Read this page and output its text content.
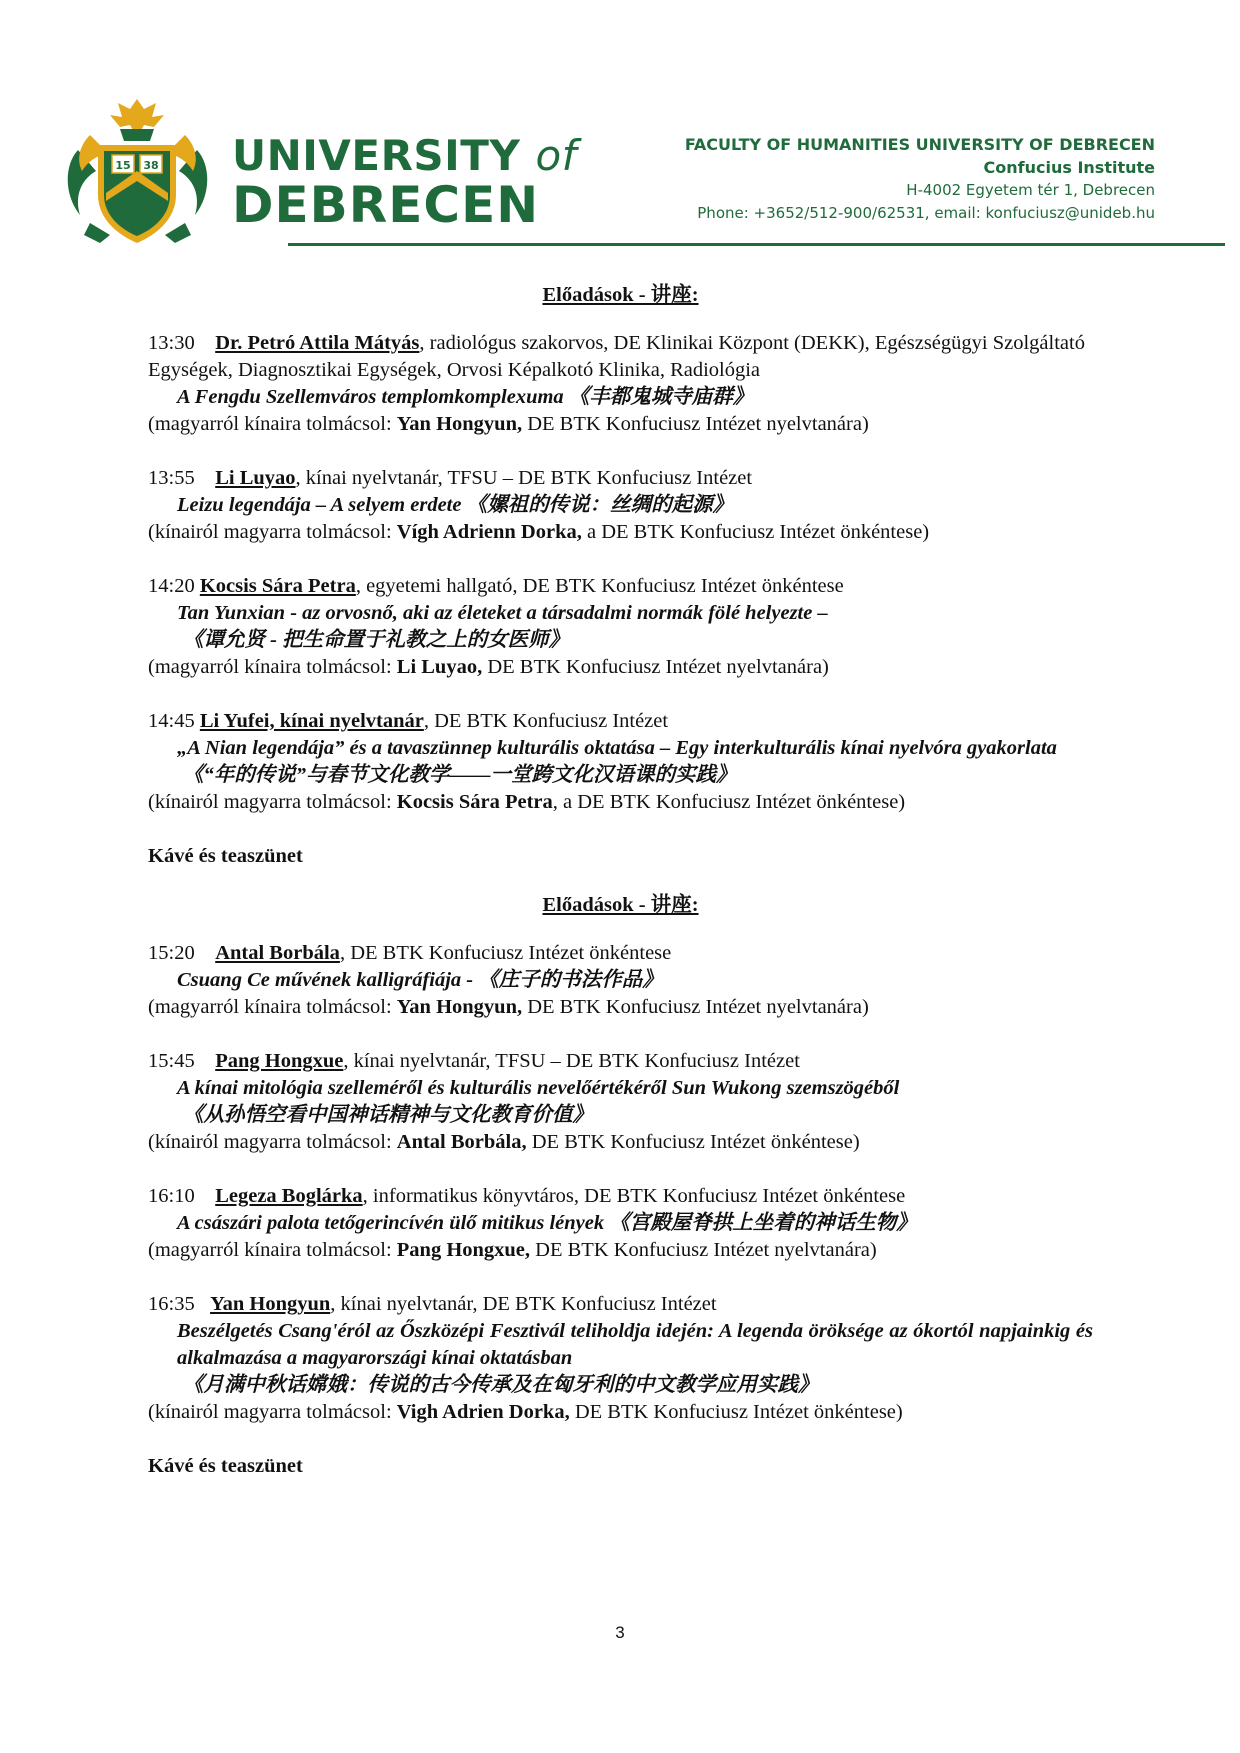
15 38 UNIVERSITY of
DEBRECEN
FACULTY OF HUMANITIES UNIVERSITY OF DEBRECEN
Confucius Institute
H-4002 Egyetem tér 1, Debrecen
Phone: +3652/512-900/62531, email: konfuciusz@unideb.hu
Előadások - 讲座:
13:30 Dr. Petró Attila Mátyás, radiológus szakorvos, DE Klinikai Központ (DEKK), Egészségügyi Szolgáltató Egységek, Diagnosztikai Egységek, Orvosi Képalkotó Klinika, Radiológia
A Fengdu Szellemváros templomkomplexuma 《丰都鬼城寺庙群》
(magyarról kínaira tolmácsol: Yan Hongyun, DE BTK Konfuciusz Intézet nyelvtanára)
13:55 Li Luyao, kínai nyelvtanár, TFSU – DE BTK Konfuciusz Intézet
Leizu legendája – A selyem erdete 《嫘祖的传说：丝绸的起源》
(kínairól magyarra tolmácsol: Vígh Adrienn Dorka, a DE BTK Konfuciusz Intézet önkéntese)
14:20 Kocsis Sára Petra, egyetemi hallgató, DE BTK Konfuciusz Intézet önkéntese
Tan Yunxian - az orvosnő, aki az életeket a társadalmi normák fölé helyezte –
《谭允贤 - 把生命置于礼教之上的女医师》
(magyarról kínaira tolmácsol: Li Luyao, DE BTK Konfuciusz Intézet nyelvtanára)
14:45 Li Yufei, kínai nyelvtanár, DE BTK Konfuciusz Intézet
„A Nian legendája” és a tavaszünnep kulturális oktatása – Egy interkulturális kínai nyelvóra gyakorlata
《“年的传说”与春节文化教学——一堂跨文化汉语课的实践》
(kínairól magyarra tolmácsol: Kocsis Sára Petra, a DE BTK Konfuciusz Intézet önkéntese)
Kávé és teaszünet
Előadások - 讲座:
15:20 Antal Borbála, DE BTK Konfuciusz Intézet önkéntese
Csuang Ce művének kalligráfiája - 《庄子的书法作品》
(magyarról kínaira tolmácsol: Yan Hongyun, DE BTK Konfuciusz Intézet nyelvtanára)
15:45 Pang Hongxue, kínai nyelvtanár, TFSU – DE BTK Konfuciusz Intézet
A kínai mitológia szelleméről és kulturális nevelőértékéről Sun Wukong szemszögéből
《从孙悟空看中国神话精神与文化教育价值》
(kínairól magyarra tolmácsol: Antal Borbála, DE BTK Konfuciusz Intézet önkéntese)
16:10 Legeza Boglárka, informatikus könyvtáros, DE BTK Konfuciusz Intézet önkéntese
A császári palota tetőgerincívén ülő mitikus lények 《宫殿屋脊拱上坐着的神话生物》
(magyarról kínaira tolmácsol: Pang Hongxue, DE BTK Konfuciusz Intézet nyelvtanára)
16:35 Yan Hongyun, kínai nyelvtanár, DE BTK Konfuciusz Intézet
Beszélgetés Csang'éról az Őszközépi Fesztivál teliholdja idején: A legenda öröksége az ókortól napjainkig és alkalmazása a magyarországi kínai oktatásban
《月满中秋话嫦娥：传说的古今传承及在匈牙利的中文教学应用实践》
(kínairól magyarra tolmácsol: Vigh Adrien Dorka, DE BTK Konfuciusz Intézet önkéntese)
Kávé és teaszünet
3
